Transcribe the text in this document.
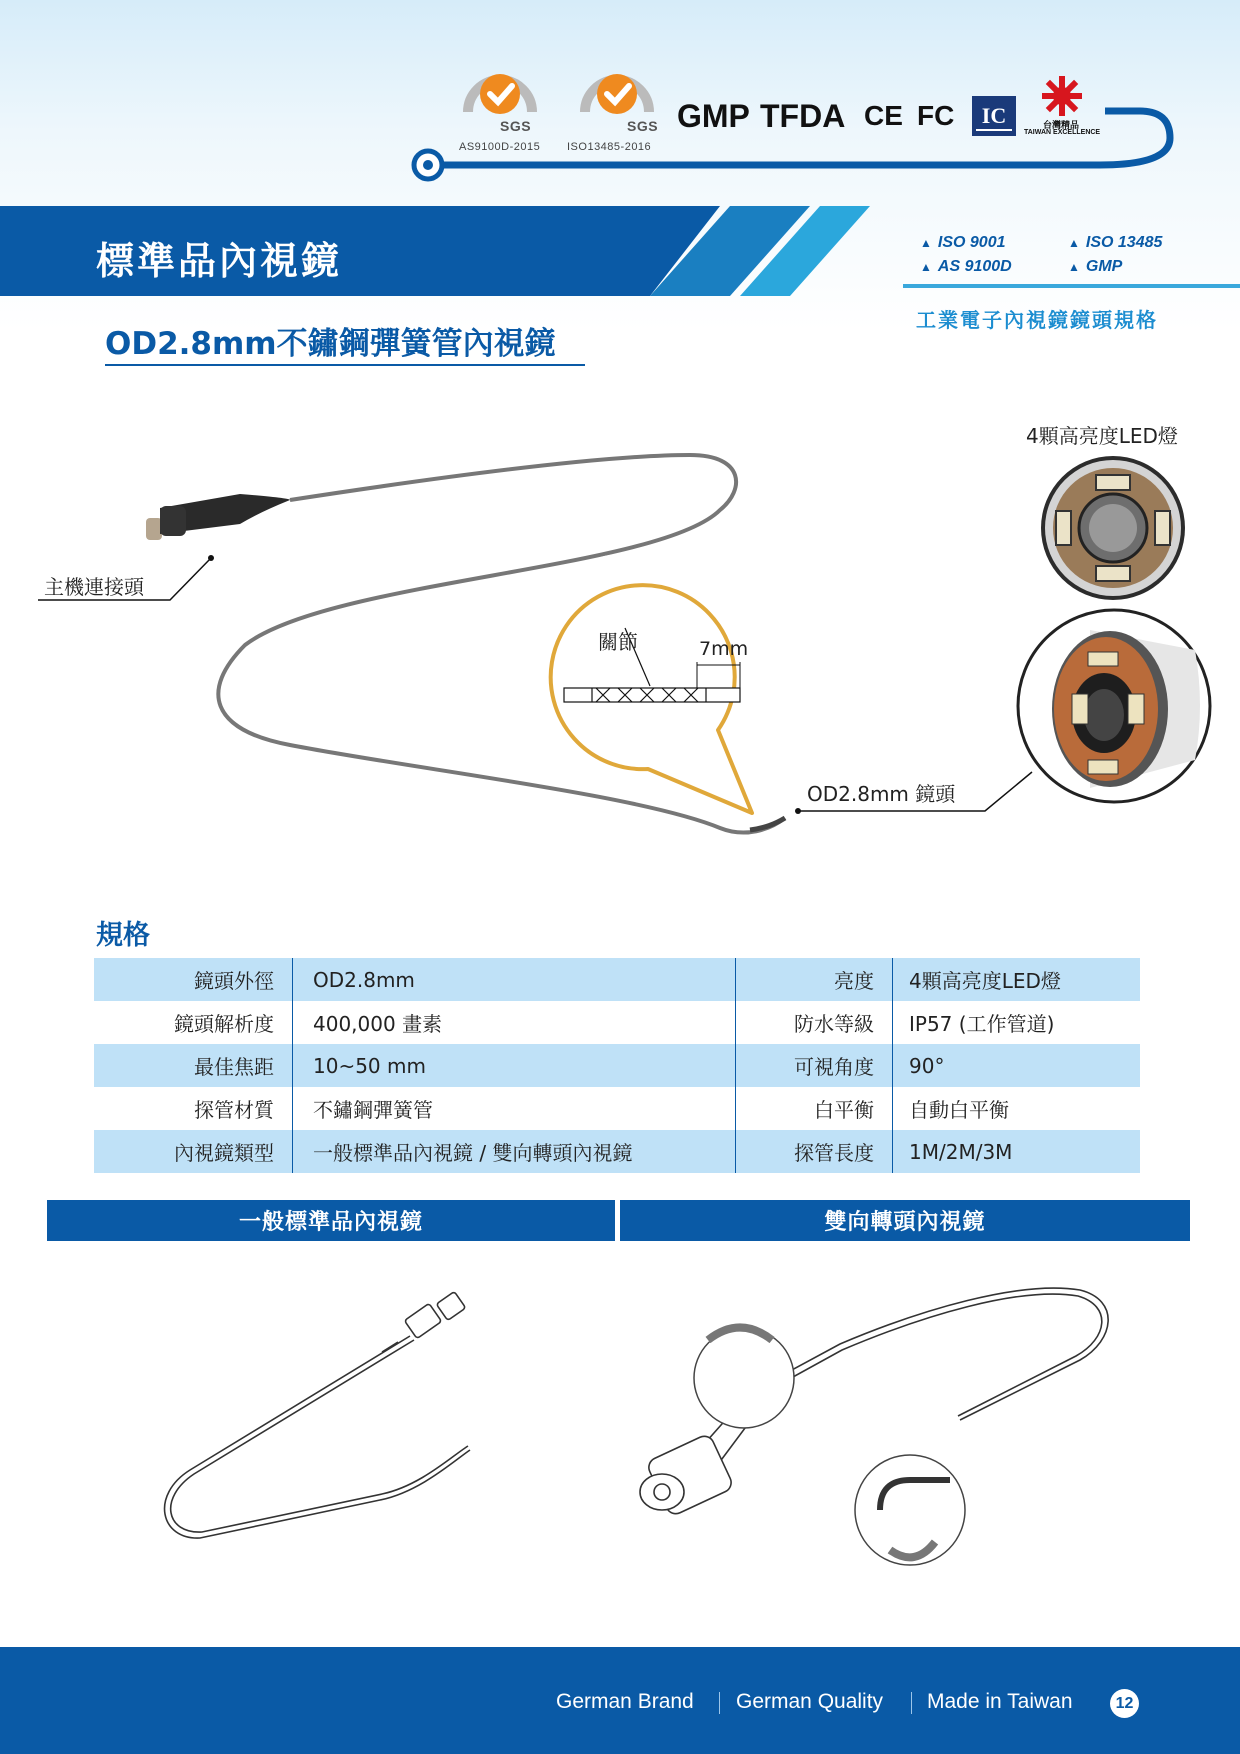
SGS
AS9100D-2015
SGS
ISO13485-2016
GMP TFDA CE FC IC	台灣精品
TAIWAN EXCELLENCE
標準品內視鏡	▲ ISO 9001	▲ ISO 13485
▲ AS 9100D	▲ GMP
工業電子內視鏡鏡頭規格
OD2.8mm不鏽鋼彈簧管內視鏡
主機連接頭
關節	7mm
OD2.8mm 鏡頭
4顆高亮度LED燈
規格
鏡頭外徑	OD2.8mm	亮度	4顆高亮度LED燈
鏡頭解析度	400,000 畫素	防水等級	IP57 (工作管道)
最佳焦距	10~50 mm	可視角度	90°
探管材質	不鏽鋼彈簧管	白平衡	自動白平衡
內視鏡類型	一般標準品內視鏡 / 雙向轉頭內視鏡	探管長度	1M/2M/3M
一般標準品內視鏡	雙向轉頭內視鏡
German Brand German Quality Made in Taiwan	12
